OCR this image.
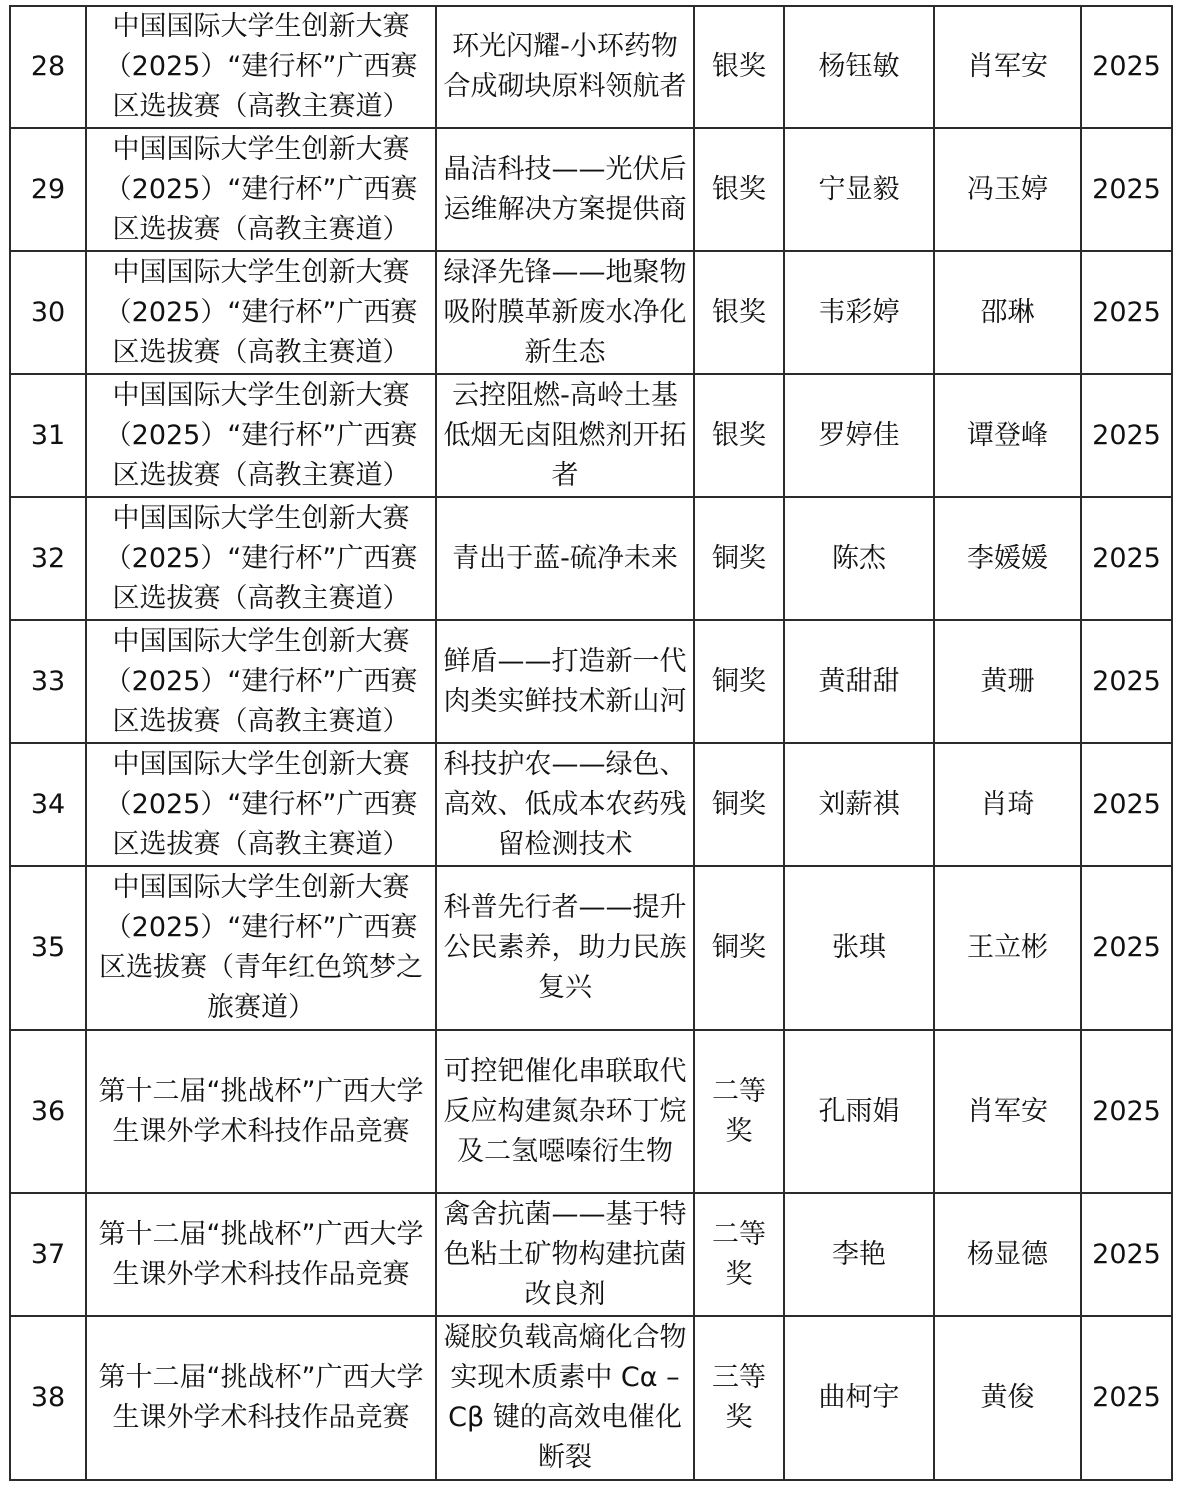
28	中国国际大学生创新大赛（2025）“建行杯”广西赛区选拔赛（高教主赛道）	环光闪耀-小环药物合成砌块原料领航者	银奖	杨钰敏	肖军安	2025
29	中国国际大学生创新大赛（2025）“建行杯”广西赛区选拔赛（高教主赛道）	晶洁科技——光伏后运维解决方案提供商	银奖	宁显毅	冯玉婷	2025
30	中国国际大学生创新大赛（2025）“建行杯”广西赛区选拔赛（高教主赛道）	绿泽先锋——地聚物吸附膜革新废水净化新生态	银奖	韦彩婷	邵琳	2025
31	中国国际大学生创新大赛（2025）“建行杯”广西赛区选拔赛（高教主赛道）	云控阻燃-高岭土基低烟无卤阻燃剂开拓者	银奖	罗婷佳	谭登峰	2025
32	中国国际大学生创新大赛（2025）“建行杯”广西赛区选拔赛（高教主赛道）	青出于蓝-硫净未来	铜奖	陈杰	李媛媛	2025
33	中国国际大学生创新大赛（2025）“建行杯”广西赛区选拔赛（高教主赛道）	鲜盾——打造新一代肉类实鲜技术新山河	铜奖	黄甜甜	黄珊	2025
34	中国国际大学生创新大赛（2025）“建行杯”广西赛区选拔赛（高教主赛道）	科技护农——绿色、高效、低成本农药残留检测技术	铜奖	刘薪祺	肖琦	2025
35	中国国际大学生创新大赛（2025）“建行杯”广西赛区选拔赛（青年红色筑梦之旅赛道）	科普先行者——提升公民素养，助力民族复兴	铜奖	张琪	王立彬	2025
36	第十二届“挑战杯”广西大学生课外学术科技作品竞赛	可控钯催化串联取代反应构建氮杂环丁烷及二氢噁嗪衍生物	二等奖	孔雨娟	肖军安	2025
37	第十二届“挑战杯”广西大学生课外学术科技作品竞赛	禽舍抗菌——基于特色粘土矿物构建抗菌改良剂	二等奖	李艳	杨显德	2025
38	第十二届“挑战杯”广西大学生课外学术科技作品竞赛	凝胶负载高熵化合物实现木质素中 Cα –Cβ 键的高效电催化断裂	三等奖	曲柯宇	黄俊	2025
